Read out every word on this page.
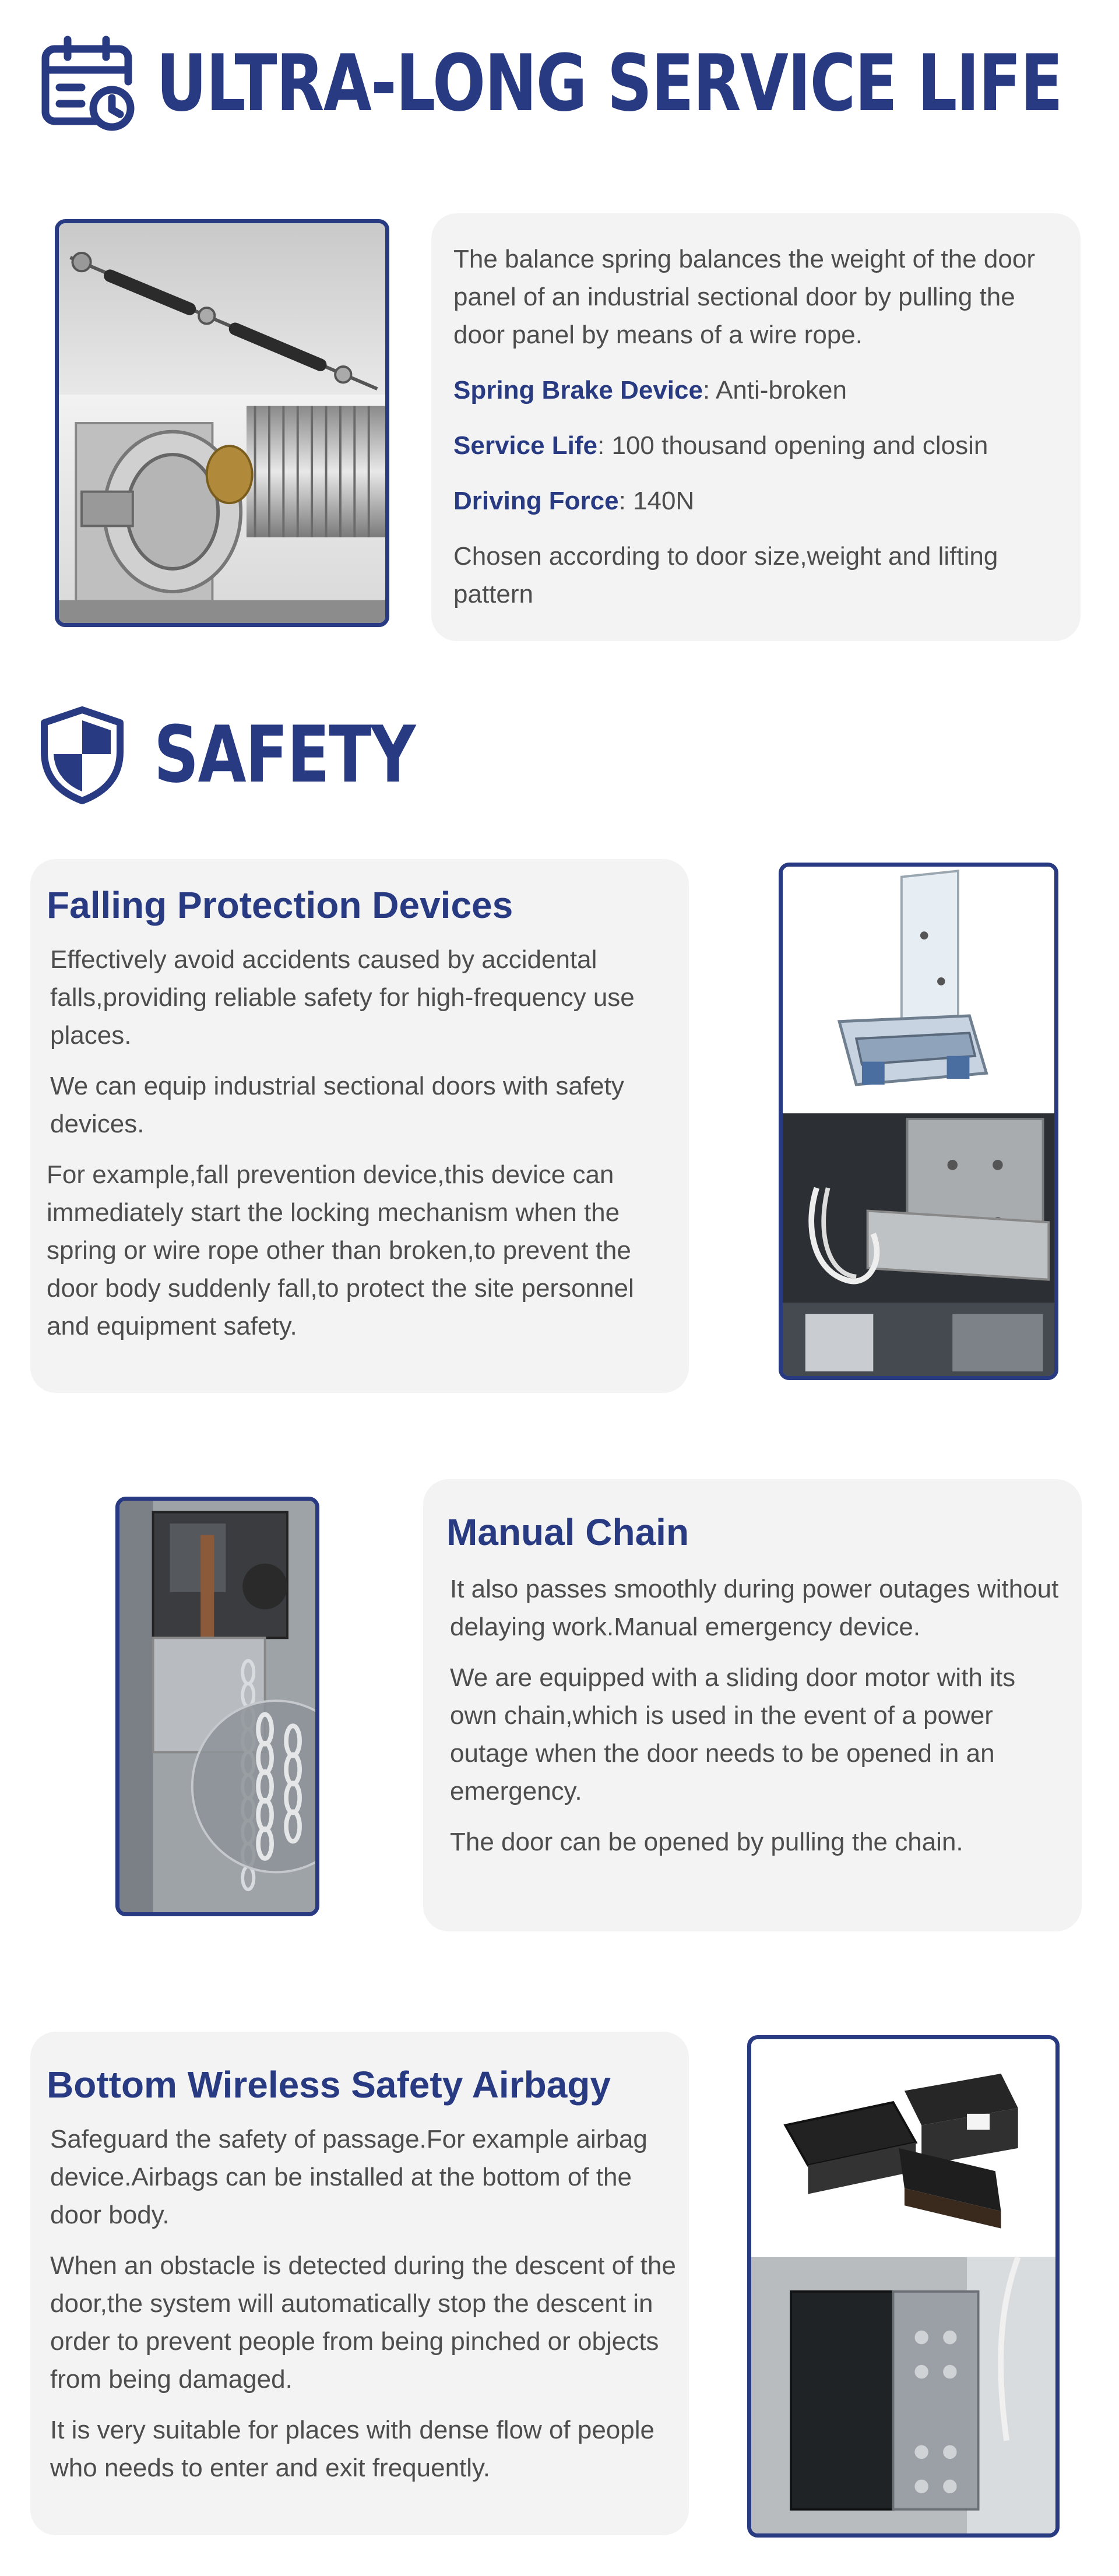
ULTRA-LONG SERVICE LIFE

The balance spring balances the weight of the door panel of an industrial sectional door by pulling the door panel by means of a wire rope.

Spring Brake Device: Anti-broken

Service Life: 100 thousand opening and closin

Driving Force: 140N

Chosen according to door size,weight and lifting pattern

SAFETY
Falling Protection Devices

Effectively avoid accidents caused by accidental falls,providing reliable safety for high-frequency use places.

We can equip industrial sectional doors with safety devices.

For example,fall prevention device,this device can immediately start the locking mechanism when the spring or wire rope other than broken,to prevent the door body suddenly fall,to protect the site personnel and equipment safety.

Manual Chain

It also passes smoothly during power outages without delaying work.Manual emergency device.

We are equipped with a sliding door motor with its own chain,which is used in the event of a power outage when the door needs to be opened in an emergency.

The door can be opened by pulling the chain.

Bottom Wireless Safety Airbagy

Safeguard the safety of passage.For example airbag device.Airbags can be installed at the bottom of the door body.

When an obstacle is detected during the descent of the door,the system will automatically stop the descent in order to prevent people from being pinched or objects from being damaged.

It is very suitable for places with dense flow of people who needs to enter and exit frequently.
